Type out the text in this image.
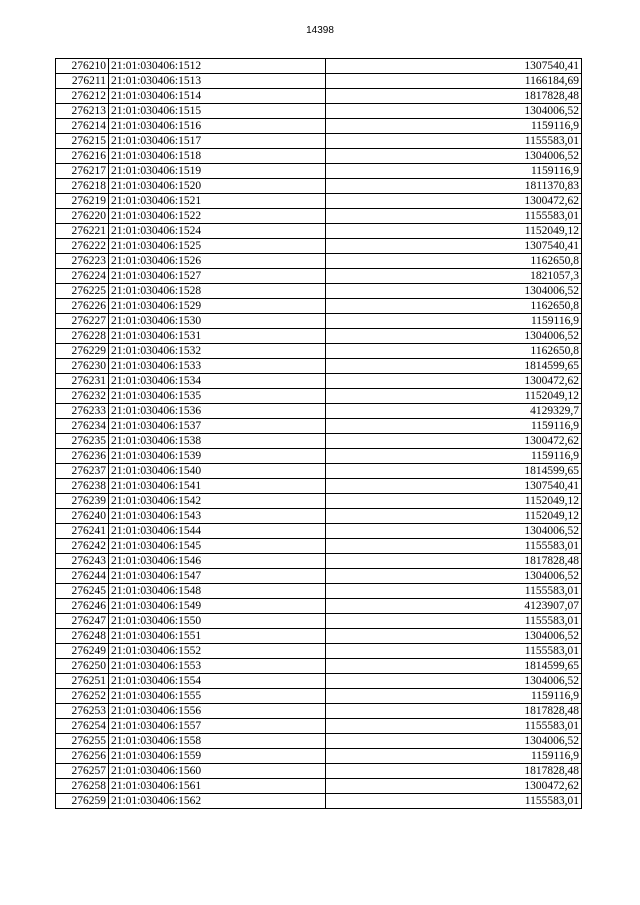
14398
276210	21:01:030406:1512	1307540,41
276211	21:01:030406:1513	1166184,69
276212	21:01:030406:1514	1817828,48
276213	21:01:030406:1515	1304006,52
276214	21:01:030406:1516	1159116,9
276215	21:01:030406:1517	1155583,01
276216	21:01:030406:1518	1304006,52
276217	21:01:030406:1519	1159116,9
276218	21:01:030406:1520	1811370,83
276219	21:01:030406:1521	1300472,62
276220	21:01:030406:1522	1155583,01
276221	21:01:030406:1524	1152049,12
276222	21:01:030406:1525	1307540,41
276223	21:01:030406:1526	1162650,8
276224	21:01:030406:1527	1821057,3
276225	21:01:030406:1528	1304006,52
276226	21:01:030406:1529	1162650,8
276227	21:01:030406:1530	1159116,9
276228	21:01:030406:1531	1304006,52
276229	21:01:030406:1532	1162650,8
276230	21:01:030406:1533	1814599,65
276231	21:01:030406:1534	1300472,62
276232	21:01:030406:1535	1152049,12
276233	21:01:030406:1536	4129329,7
276234	21:01:030406:1537	1159116,9
276235	21:01:030406:1538	1300472,62
276236	21:01:030406:1539	1159116,9
276237	21:01:030406:1540	1814599,65
276238	21:01:030406:1541	1307540,41
276239	21:01:030406:1542	1152049,12
276240	21:01:030406:1543	1152049,12
276241	21:01:030406:1544	1304006,52
276242	21:01:030406:1545	1155583,01
276243	21:01:030406:1546	1817828,48
276244	21:01:030406:1547	1304006,52
276245	21:01:030406:1548	1155583,01
276246	21:01:030406:1549	4123907,07
276247	21:01:030406:1550	1155583,01
276248	21:01:030406:1551	1304006,52
276249	21:01:030406:1552	1155583,01
276250	21:01:030406:1553	1814599,65
276251	21:01:030406:1554	1304006,52
276252	21:01:030406:1555	1159116,9
276253	21:01:030406:1556	1817828,48
276254	21:01:030406:1557	1155583,01
276255	21:01:030406:1558	1304006,52
276256	21:01:030406:1559	1159116,9
276257	21:01:030406:1560	1817828,48
276258	21:01:030406:1561	1300472,62
276259	21:01:030406:1562	1155583,01
